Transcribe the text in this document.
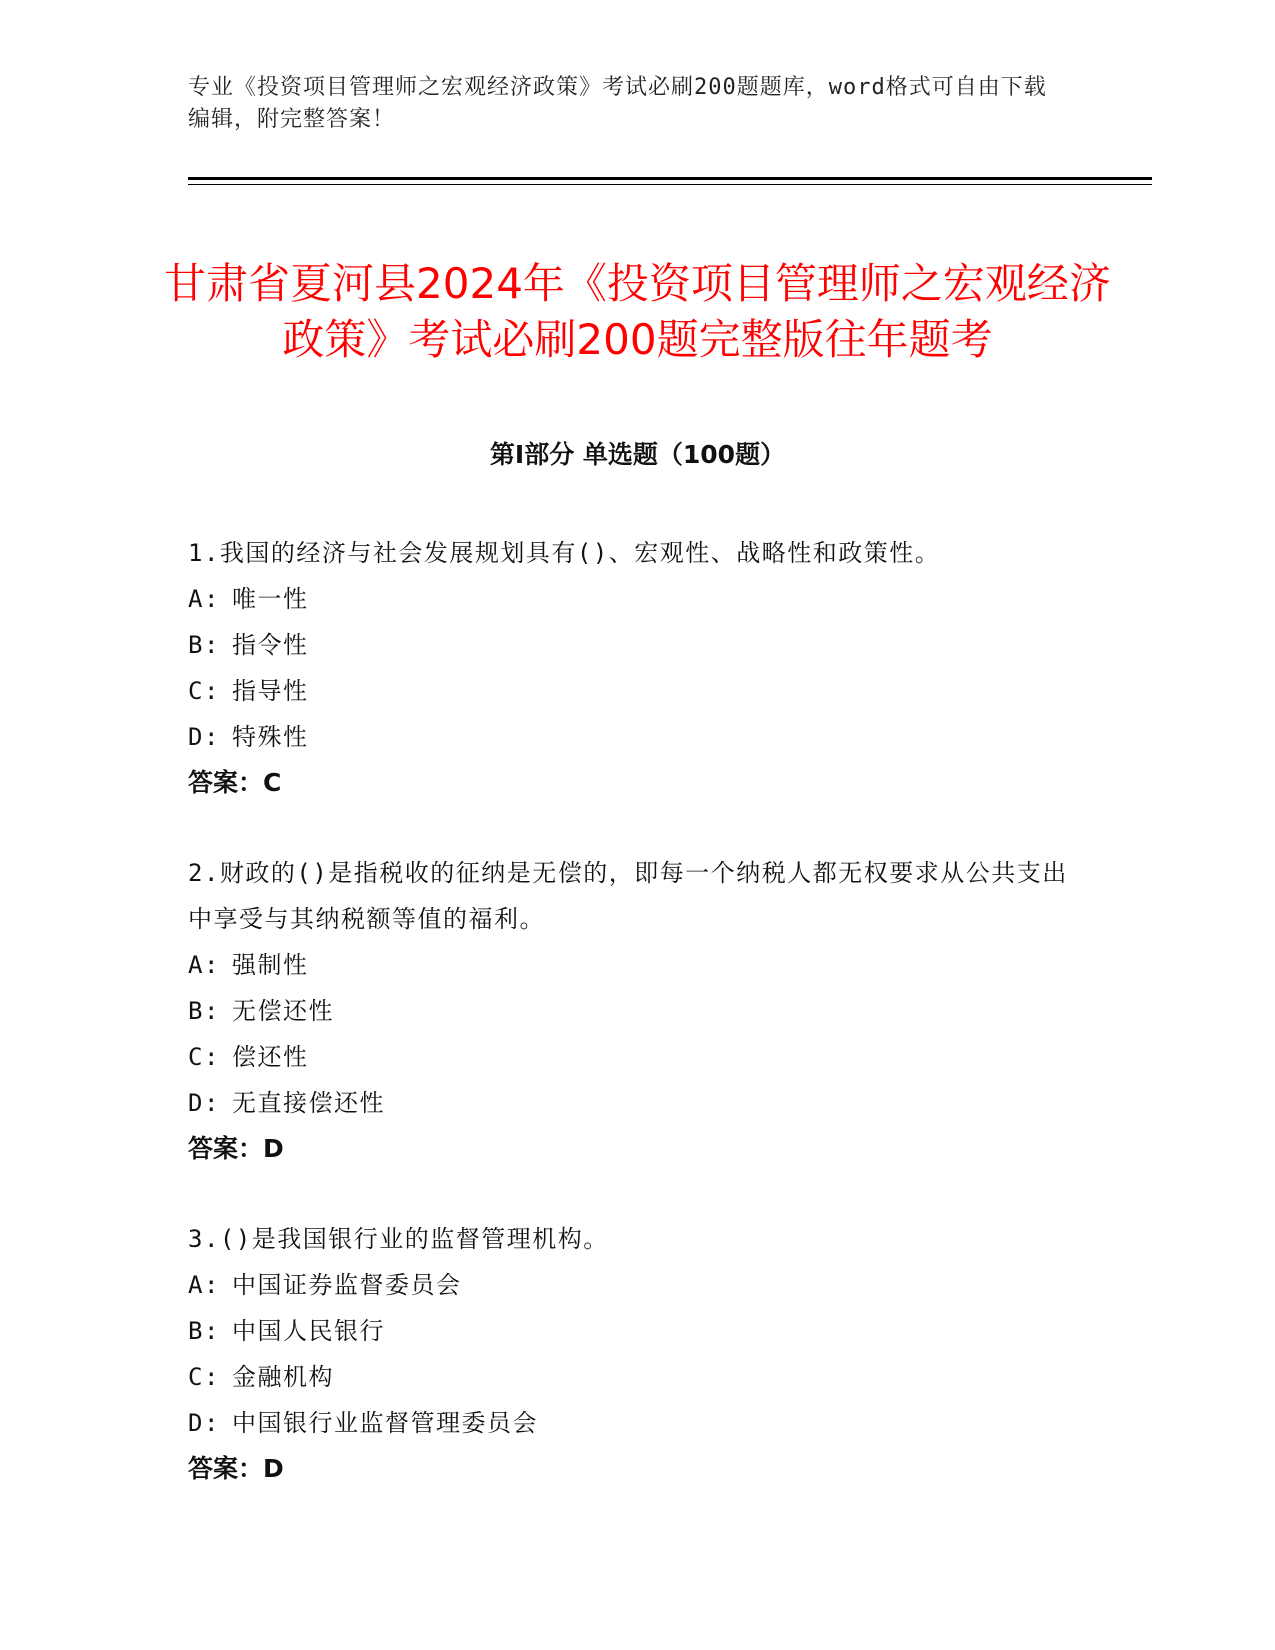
专业《投资项目管理师之宏观经济政策》考试必刷200题题库，word格式可自由下载编辑，附完整答案！
甘肃省夏河县2024年《投资项目管理师之宏观经济政策》考试必刷200题完整版往年题考
第I部分 单选题（100题）
1.我国的经济与社会发展规划具有()、宏观性、战略性和政策性。
A: 唯一性
B: 指令性
C: 指导性
D: 特殊性
答案：C
2.财政的()是指税收的征纳是无偿的，即每一个纳税人都无权要求从公共支出中享受与其纳税额等值的福利。
A: 强制性
B: 无偿还性
C: 偿还性
D: 无直接偿还性
答案：D
3.()是我国银行业的监督管理机构。
A: 中国证券监督委员会
B: 中国人民银行
C: 金融机构
D: 中国银行业监督管理委员会
答案：D
